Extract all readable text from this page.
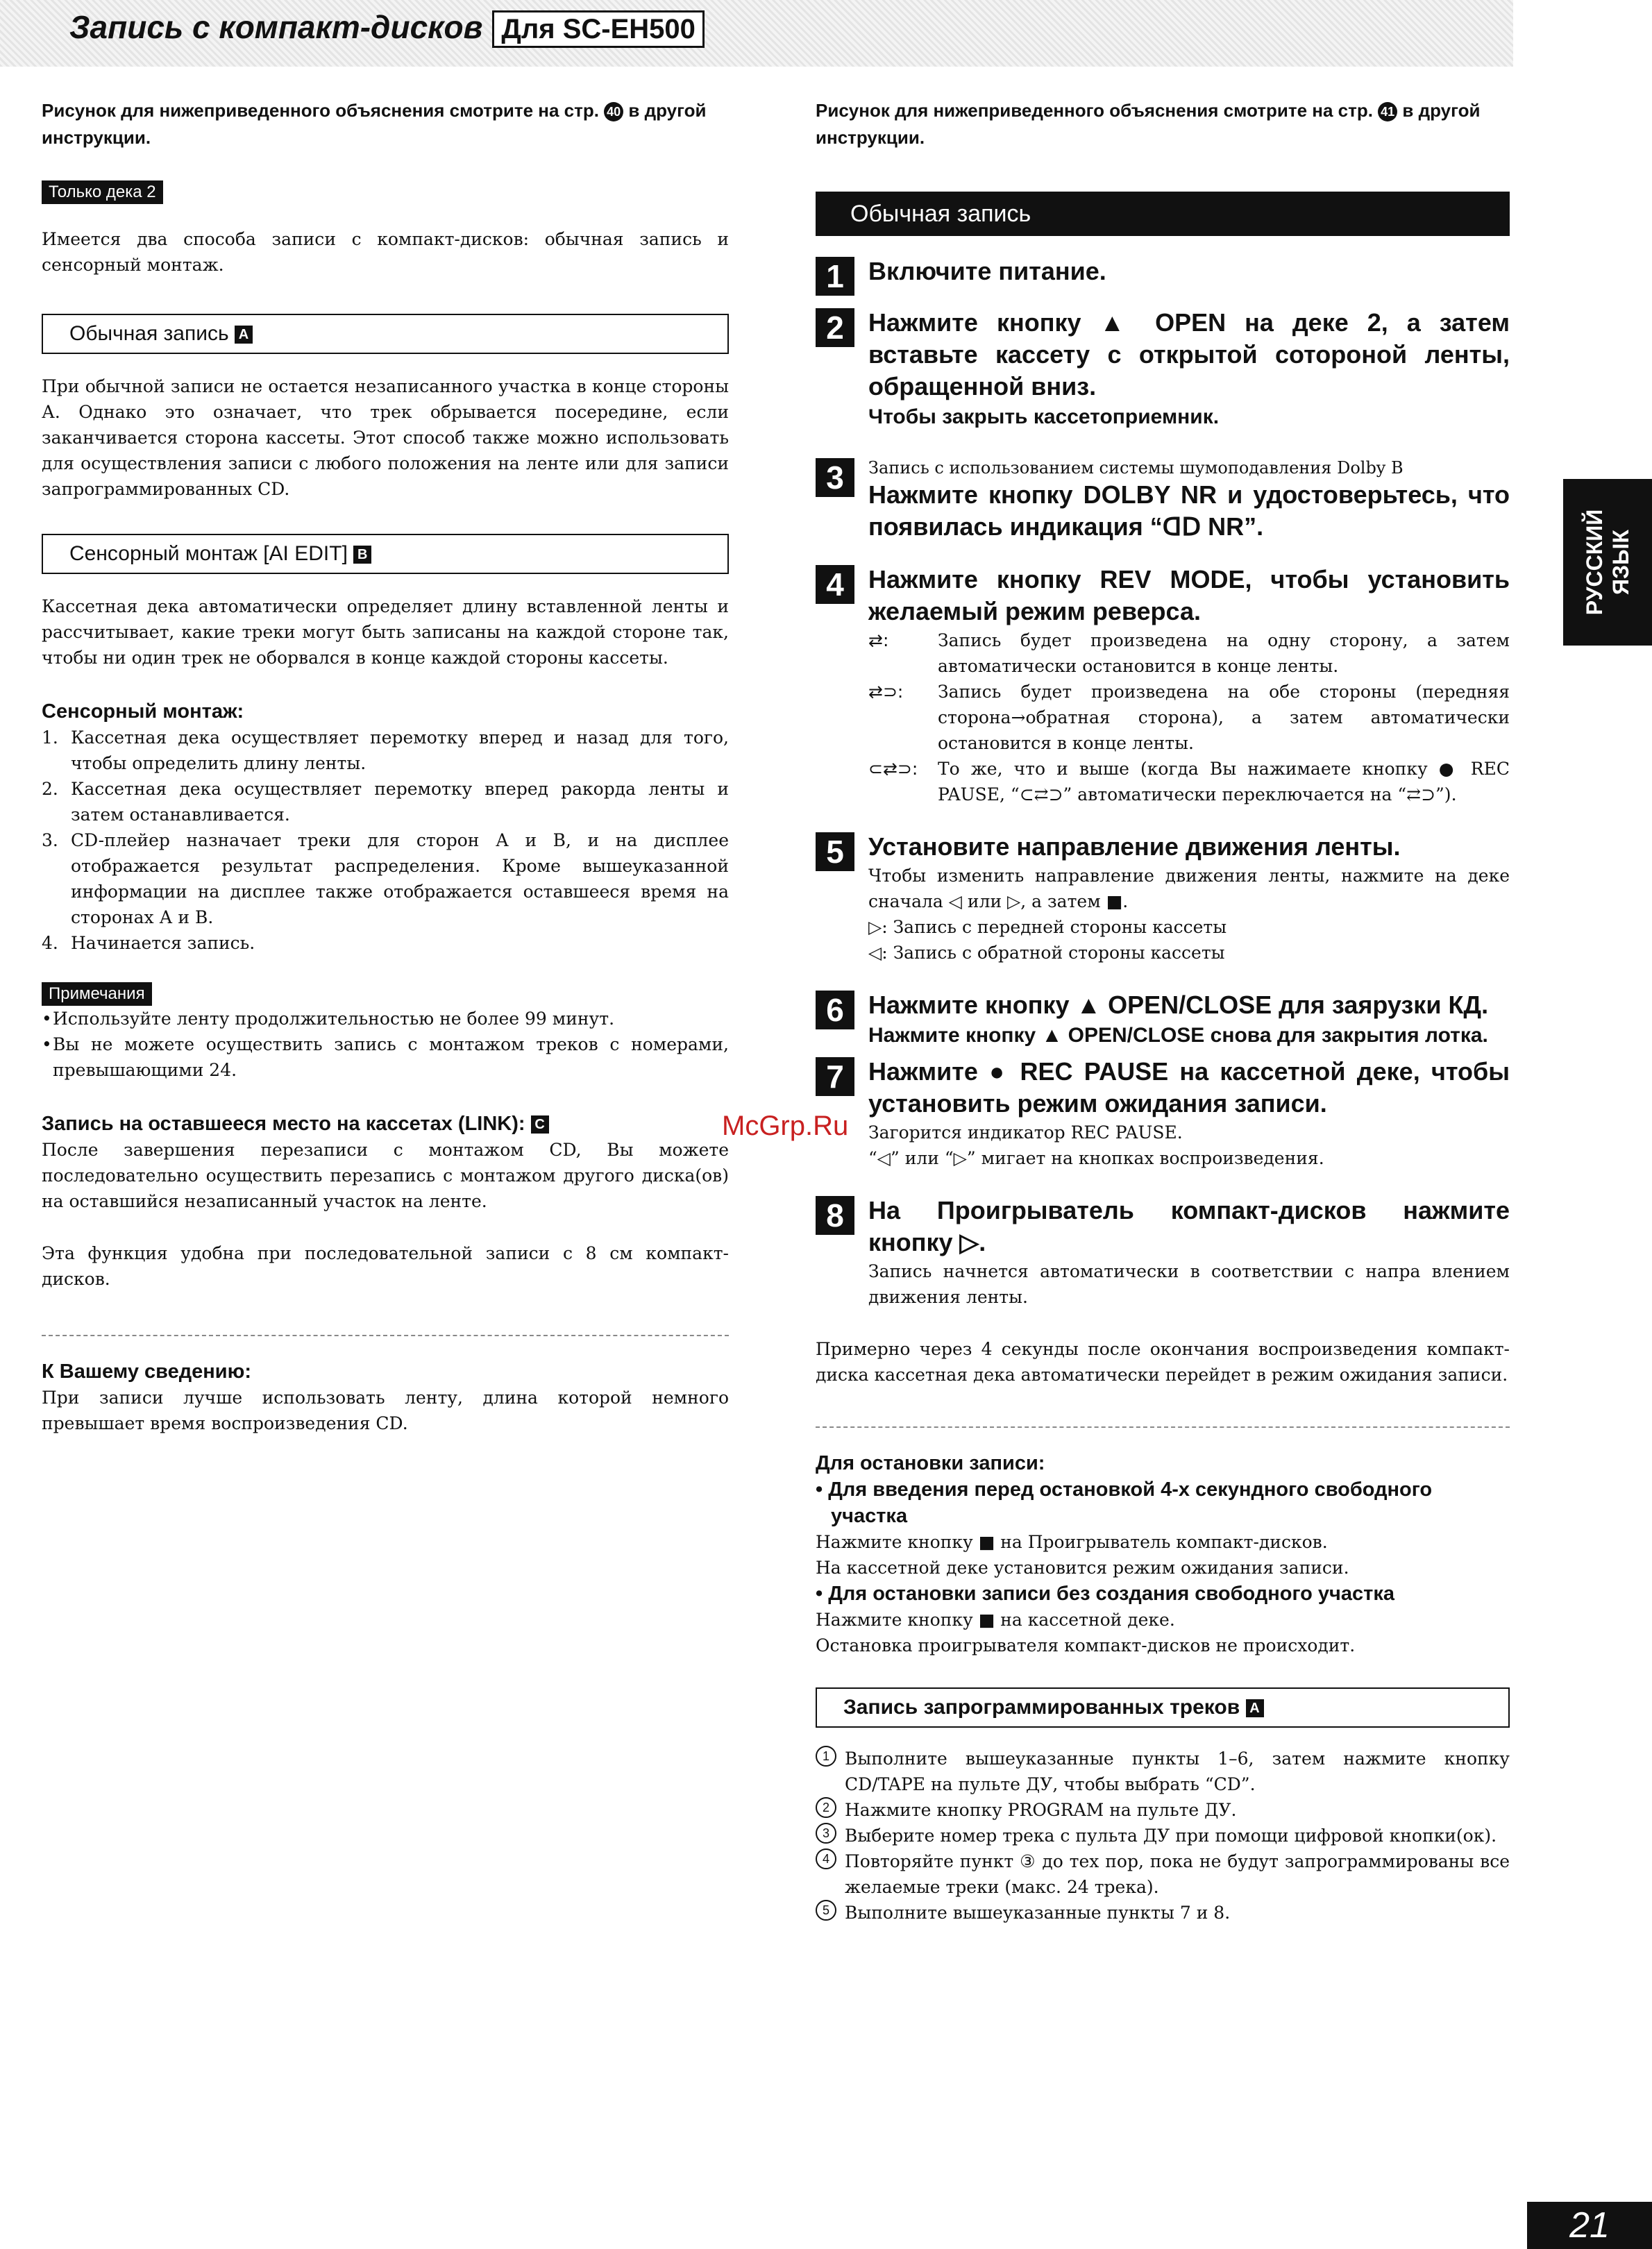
Запись с компакт-дисков Для SC-EH500

Рисунок для нижеприведенного объяснения смотрите на стр. 40 в другой инструкции.

Только дека 2

Имеется два способа записи с компакт-дисков: обычная запись и сенсорный монтаж.

Обычная запись A

При обычной записи не остается незаписанного участка в конце стороны А. Однако это означает, что трек обрывается посередине, если заканчивается сторона кассеты. Этот способ также можно использовать для осуществления записи с любого положения на ленте или для записи запрограммированных CD.

Сенсорный монтаж [AI EDIT] B

Кассетная дека автоматически определяет длину вставленной ленты и рассчитывает, какие треки могут быть записаны на каждой стороне так, чтобы ни один трек не оборвался в конце каждой стороны кассеты.

Сенсорный монтаж:

1. Кассетная дека осуществляет перемотку вперед и назад для того, чтобы определить длину ленты.
2. Кассетная дека осуществляет перемотку вперед ракорда ленты и затем останавливается.
3. CD-плейер назначает треки для сторон А и В, и на дисплее отображается результат распределения. Кроме вышеуказанной информации на дисплее также отображается оставшееся время на сторонах А и В.
4. Начинается запись.
Примечания
• Используйте ленту продолжительностью не более 99 минут.
• Вы не можете осуществить запись с монтажом треков с номерами, превышающими 24.

Запись на оставшееся место на кассетах (LINK): C

После завершения перезаписи с монтажом CD, Вы можете последовательно осуществить перезапись с монтажом другого диска(ов) на оставшийся незаписанный участок на ленте.

Эта функция удобна при последовательной записи с 8 см компакт-дисков.

К Вашему сведению:

При записи лучше использовать ленту, длина которой немного превышает время воспроизведения CD.

Рисунок для нижеприведенного объяснения смотрите на стр. 41 в другой инструкции.

Обычная запись
1 Включите питание.

2 Нажмите кнопку ▲ OPEN на деке 2, а затем вставьте кассету с открытой сотороной ленты, обращенной вниз.

Чтобы закрыть кассетоприемник.

3	Запись с использованием системы шумоподавления Dolby B

Нажмите кнопку DOLBY NR и удостоверьтесь, что появилась индикация “ᗡᗞ NR”.

4 Нажмите кнопку REV MODE, чтобы установить желаемый режим реверса.

⇄:	Запись будет произведена на одну сторону, а затем автоматически остановится в конце ленты.
⇄⊃:	Запись будет произведена на обе стороны (передняя сторона→обратная сторона), а затем автоматически остановится в конце ленты.
⊂⇄⊃:	То же, что и выше (когда Вы нажимаете кнопку ● REC PAUSE, “⊂⇄⊃” автоматически переключается на “⇄⊃”).
5 Установите направление движения ленты.

Чтобы изменить направление движения ленты, нажмите на деке сначала ◁ или ▷, а затем ■.

▷: Запись с передней стороны кассеты

◁: Запись с обратной стороны кассеты

6 Нажмите кнопку ▲ OPEN/CLOSE для заярузки КД.

Нажмите кнопку ▲ OPEN/CLOSE снова для закрытия лотка.

7 Нажмите ● REC PAUSE на кассетной деке, чтобы установить режим ожидания записи.

Загорится индикатор REC PAUSE.

“◁” или “▷” мигает на кнопках воспроизведения.

8 На Проигрыватель компакт-дисков нажмите кнопку ▷.

Запись начнется автоматически в соответствии с напра влением движения ленты.

Примерно через 4 секунды после окончания воспроизведения компакт-диска кассетная дека автоматически перейдет в режим ожидания записи.

Для остановки записи:

• Для введения перед остановкой 4-х секундного свободного участка

Нажмите кнопку ■ на Проигрыватель компакт-дисков.

На кассетной деке установится режим ожидания записи.

• Для остановки записи без создания свободного участка

Нажмите кнопку ■ на кассетной деке.

Остановка проигрывателя компакт-дисков не происходит.

Запись запрограммированных треков A
1 Выполните вышеуказанные пункты 1–6, затем нажмите кнопку CD/TAPE на пульте ДУ, чтобы выбрать “CD”.
2 Нажмите кнопку PROGRAM на пульте ДУ.
3 Выберите номер трека с пульта ДУ при помощи цифровой кнопки(ок).
4 Повторяйте пункт ③ до тех пор, пока не будут запрограммированы все желаемые треки (макс. 24 трека).
5 Выполните вышеуказанные пункты 7 и 8.
РУССКИЙ ЯЗЫК
McGrp.Ru
21
